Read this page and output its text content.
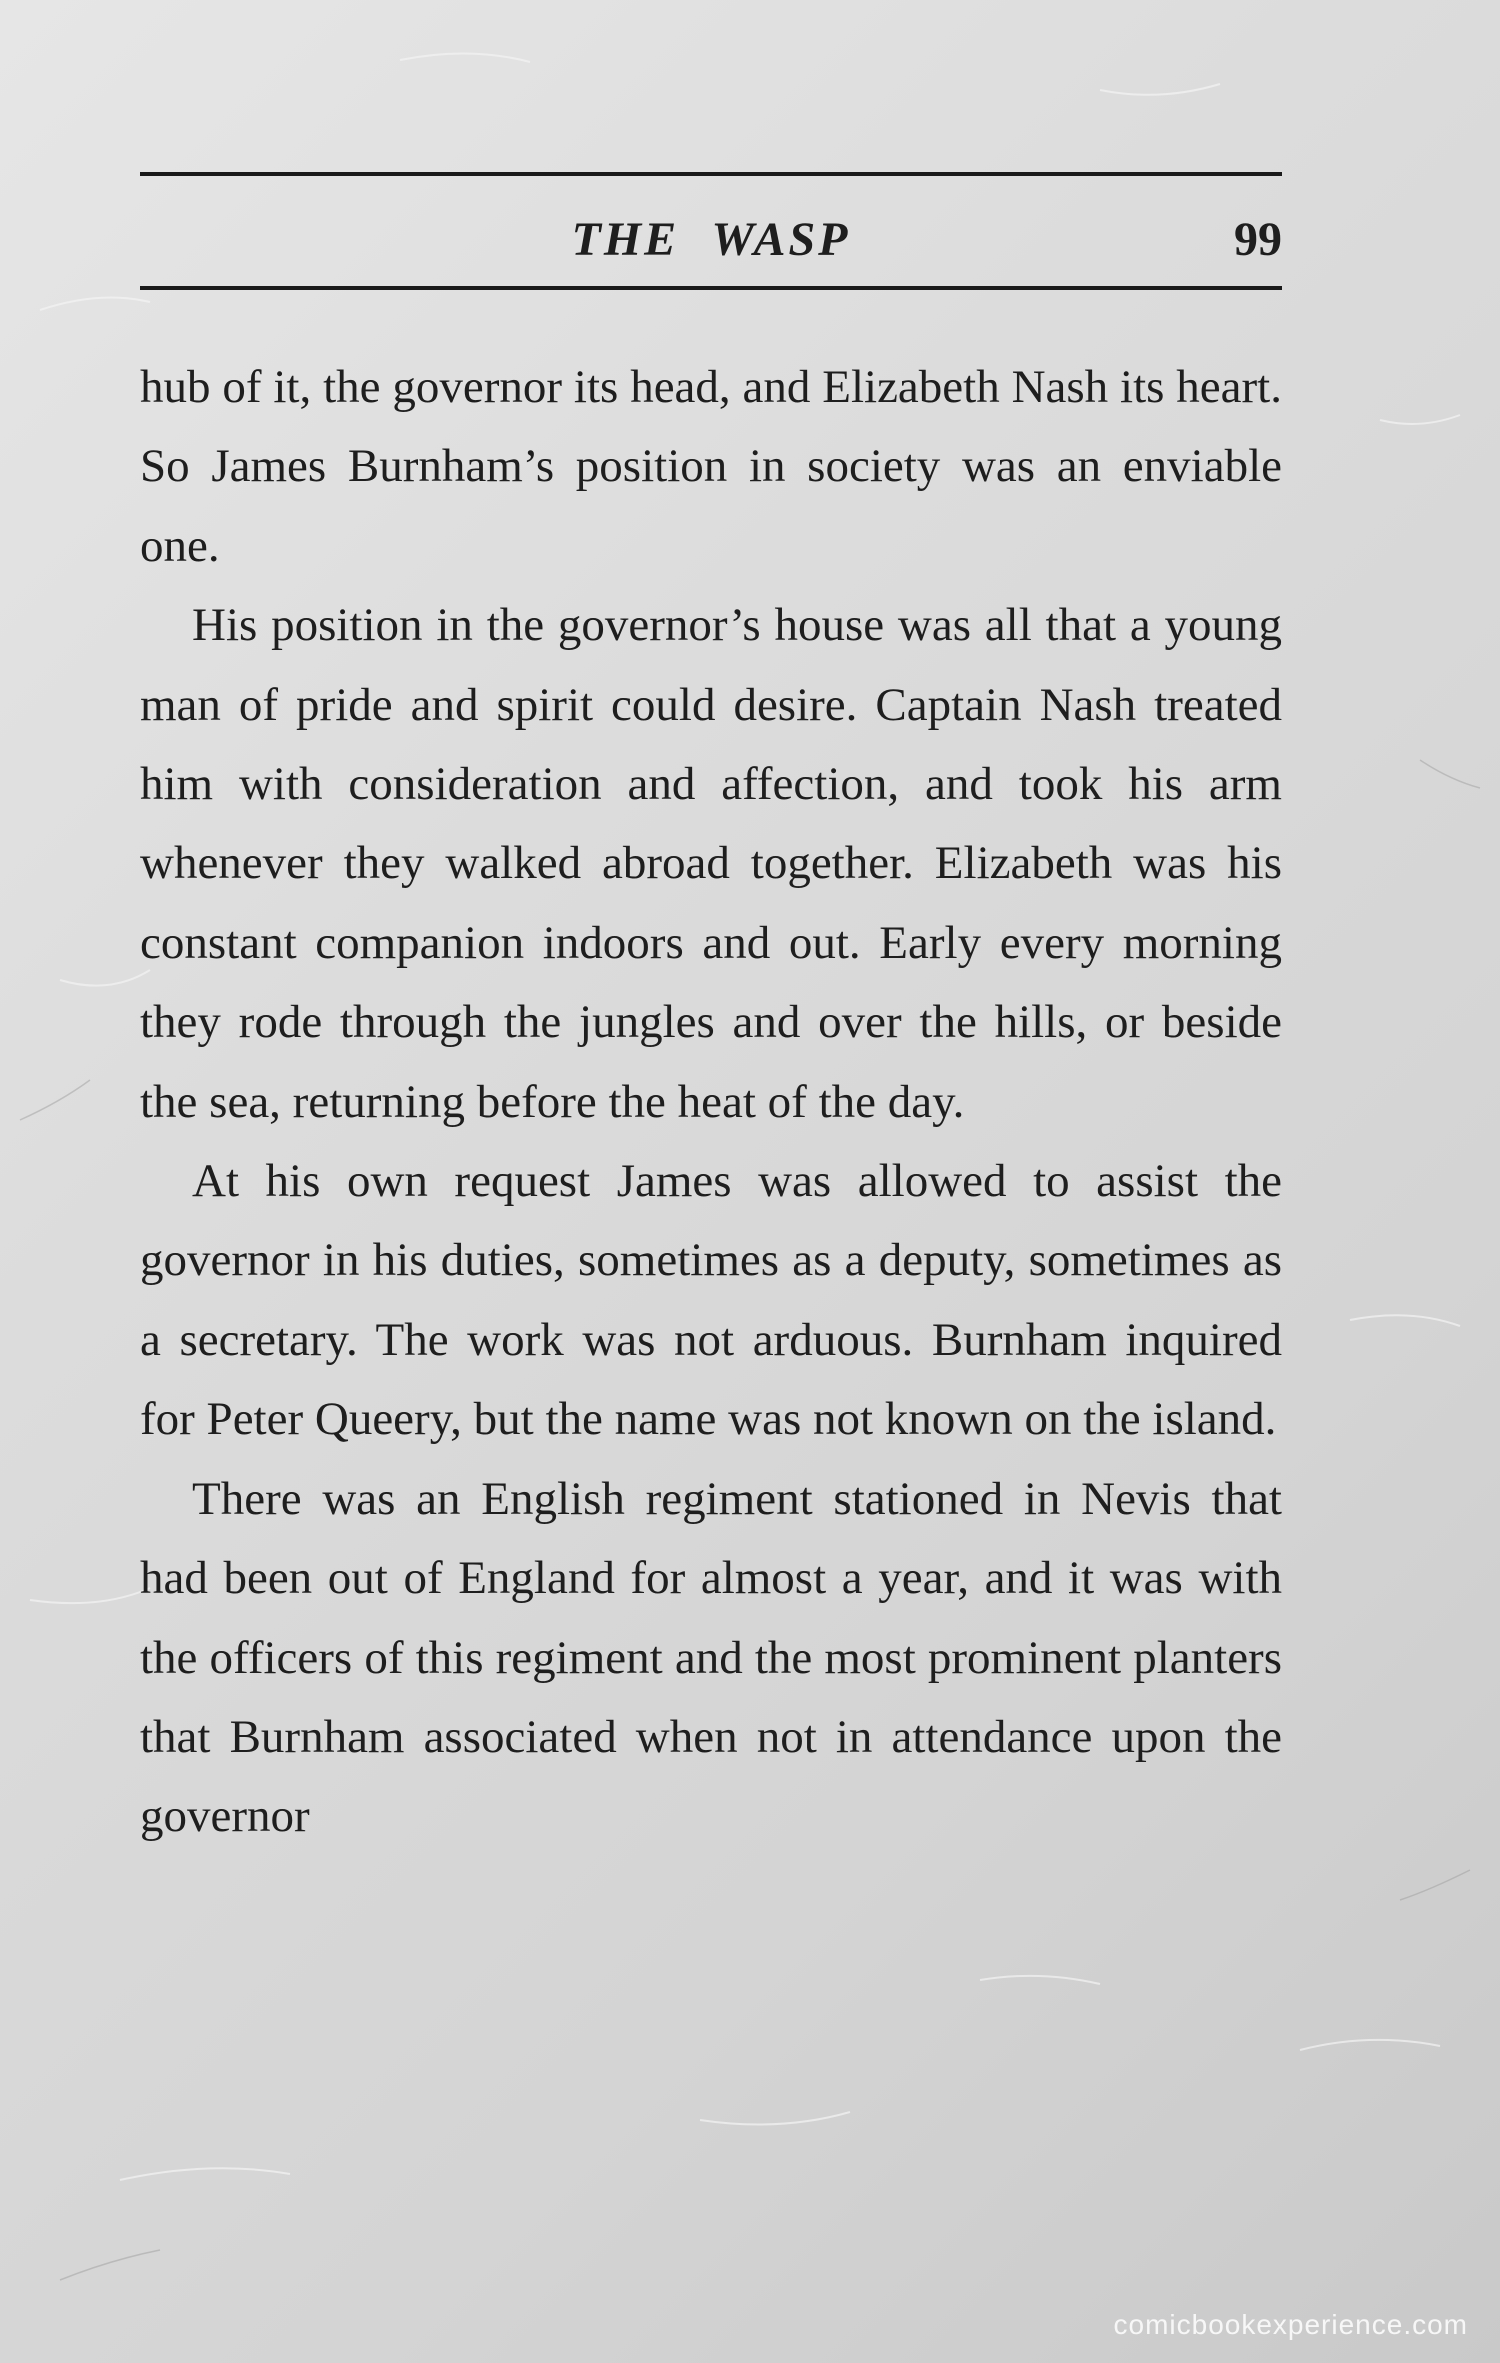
THE WASP	99

hub of it, the governor its head, and Elizabeth Nash its heart. So James Burnham’s position in society was an enviable one.

His position in the governor’s house was all that a young man of pride and spirit could desire. Captain Nash treated him with consideration and affection, and took his arm whenever they walked abroad together. Elizabeth was his constant companion indoors and out. Early every morning they rode through the jungles and over the hills, or beside the sea, returning before the heat of the day.

At his own request James was allowed to assist the governor in his duties, sometimes as a deputy, sometimes as a secretary. The work was not arduous. Burnham inquired for Peter Queery, but the name was not known on the island.

There was an English regiment stationed in Nevis that had been out of England for almost a year, and it was with the officers of this regiment and the most prominent planters that Burnham associated when not in attendance upon the governor

comicbookexperience.com
